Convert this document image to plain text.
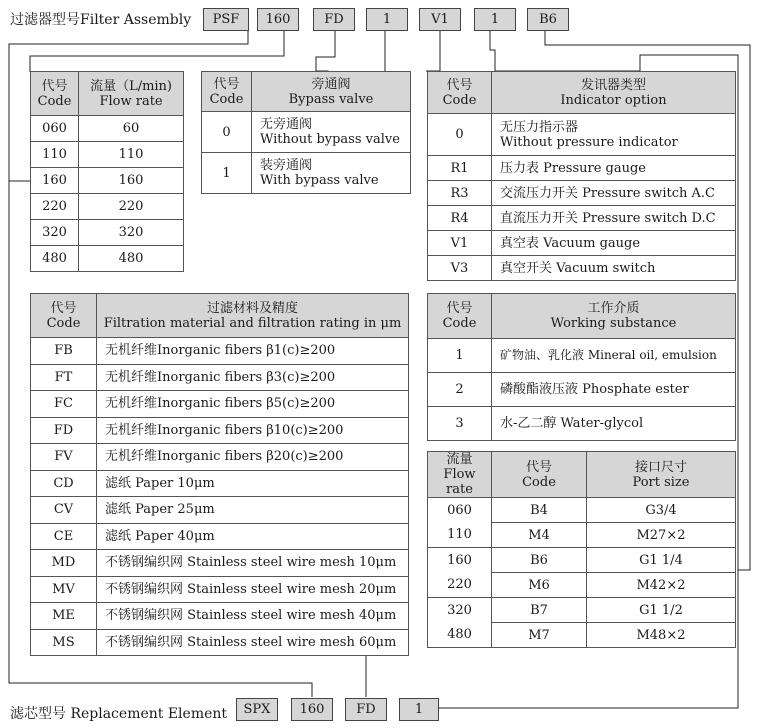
过滤器型号Filter Assembly	PSF	160	FD	1	V1	1	B6
代号
Code	流量（L/min)
Flow rate
060	60
110	110
160	160
220	220
320	320
480	480
代号
Code	旁通阀
Bypass valve
0	无旁通阀
Without bypass valve
1	装旁通阀
With bypass valve
代号
Code	发讯器类型
Indicator option
0	无压力指示器
Without pressure indicator
R1	压力表 Pressure gauge
R3	交流压力开关 Pressure switch A.C
R4	直流压力开关 Pressure switch D.C
V1	真空表 Vacuum gauge
V3	真空开关 Vacuum switch
代号
Code	过滤材料及精度
Filtration material and filtration rating in μm
FB	无机纤维Inorganic fibers β1(c)≥200
FT	无机纤维Inorganic fibers β3(c)≥200
FC	无机纤维Inorganic fibers β5(c)≥200
FD	无机纤维Inorganic fibers β10(c)≥200
FV	无机纤维Inorganic fibers β20(c)≥200
CD	滤纸 Paper 10μm
CV	滤纸 Paper 25μm
CE	滤纸 Paper 40μm
MD	不锈钢编织网 Stainless steel wire mesh 10μm
MV	不锈钢编织网 Stainless steel wire mesh 20μm
ME	不锈钢编织网 Stainless steel wire mesh 40μm
MS	不锈钢编织网 Stainless steel wire mesh 60μm
代号
Code	工作介质
Working substance
1	矿物油、乳化液 Mineral oil, emulsion
2	磷酸酯液压液 Phosphate ester
3	水-乙二醇 Water-glycol
流量
Flow rate	代号
Code	接口尺寸
Port size
060	B4	G3/4
110	M4	M27×2
160	B6	G1 1/4
220	M6	M42×2
320	B7	G1 1/2
480	M7	M48×2
滤芯型号 Replacement Element	SPX	160	FD	1
